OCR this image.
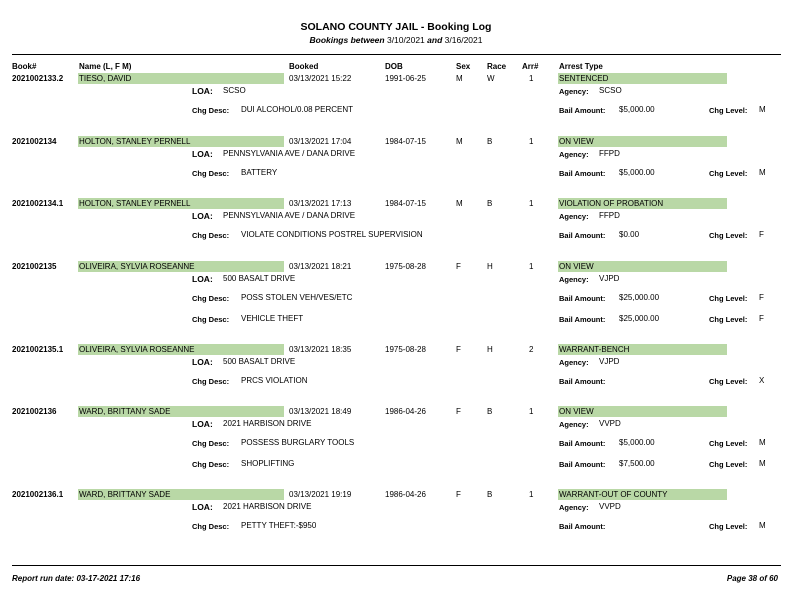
SOLANO COUNTY JAIL - Booking Log
Bookings between 3/10/2021 and 3/16/2021
Book#	Name (L, F M)	Booked	DOB	Sex Race Arr#	Arrest Type
2021002133.2 TIESO, DAVID	03/13/2021 15:22	1991-06-25	M	W	1	SENTENCED
LOA: SCSO	Agency: SCSO
Chg Desc: DUI ALCOHOL/0.08 PERCENT	Bail Amount: $5,000.00	Chg Level: M
2021002134	HOLTON, STANLEY PERNELL	03/13/2021 17:04	1984-07-15	M	B	1	ON VIEW
LOA: PENNSYLVANIA AVE / DANA DRIVE	Agency: FFPD
Chg Desc: BATTERY	Bail Amount: $5,000.00	Chg Level: M
2021002134.1 HOLTON, STANLEY PERNELL	03/13/2021 17:13	1984-07-15	M	B	1	VIOLATION OF PROBATION
LOA: PENNSYLVANIA AVE / DANA DRIVE	Agency: FFPD
Chg Desc: VIOLATE CONDITIONS POSTREL SUPERVISION	Bail Amount: $0.00	Chg Level: F
2021002135	OLIVEIRA, SYLVIA ROSEANNE	03/13/2021 18:21	1975-08-28	F	H	1	ON VIEW
LOA: 500 BASALT DRIVE	Agency: VJPD
Chg Desc: POSS STOLEN VEH/VES/ETC	Bail Amount: $25,000.00	Chg Level: F
Chg Desc: VEHICLE THEFT	Bail Amount: $25,000.00	Chg Level: F
2021002135.1 OLIVEIRA, SYLVIA ROSEANNE	03/13/2021 18:35	1975-08-28	F	H	2	WARRANT-BENCH
LOA: 500 BASALT DRIVE	Agency: VJPD
Chg Desc: PRCS VIOLATION	Bail Amount:	Chg Level: X
2021002136	WARD, BRITTANY SADE	03/13/2021 18:49	1986-04-26	F	B	1	ON VIEW
LOA: 2021 HARBISON DRIVE	Agency: VVPD
Chg Desc: POSSESS BURGLARY TOOLS	Bail Amount: $5,000.00	Chg Level: M
Chg Desc: SHOPLIFTING	Bail Amount: $7,500.00	Chg Level: M
2021002136.1 WARD, BRITTANY SADE	03/13/2021 19:19	1986-04-26	F	B	1	WARRANT-OUT OF COUNTY
LOA: 2021 HARBISON DRIVE	Agency: VVPD
Chg Desc: PETTY THEFT:-$950	Bail Amount:	Chg Level: M
Report run date: 03-17-2021 17:16	Page 38 of 60
